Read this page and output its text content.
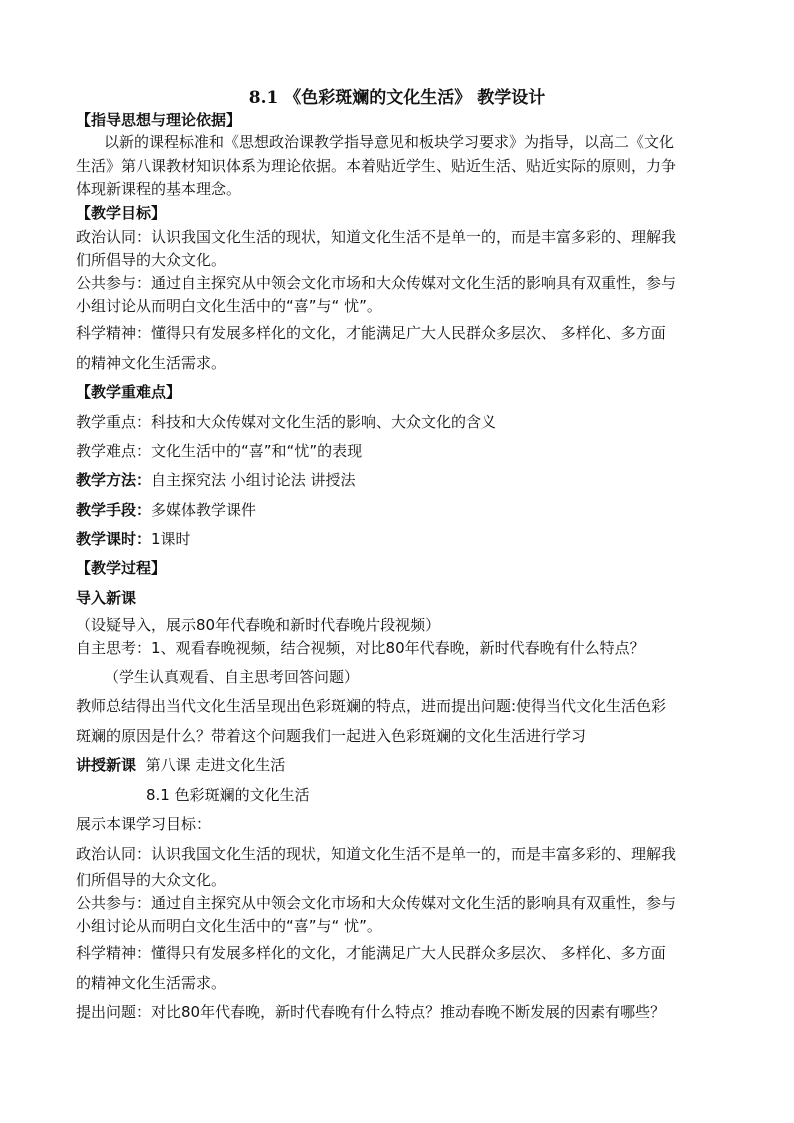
8.1 《色彩斑斓的文化生活》 教学设计
【指导思想与理论依据】
以新的课程标准和《思想政治课教学指导意见和板块学习要求》为指导，以高二《文化
生活》第八课教材知识体系为理论依据。本着贴近学生、贴近生活、贴近实际的原则，力争
体现新课程的基本理念。
【教学目标】
政治认同：认识我国文化生活的现状，知道文化生活不是单一的，而是丰富多彩的、理解我
们所倡导的大众文化。
公共参与：通过自主探究从中领会文化市场和大众传媒对文化生活的影响具有双重性，参与
小组讨论从而明白文化生活中的“喜”与“ 忧”。
科学精神：懂得只有发展多样化的文化，才能满足广大人民群众多层次、 多样化、多方面
的精神文化生活需求。
【教学重难点】
教学重点：科技和大众传媒对文化生活的影响、大众文化的含义
教学难点：文化生活中的“喜”和“忧”的表现
教学方法：自主探究法 小组讨论法 讲授法
教学手段：多媒体教学课件
教学课时：1课时
【教学过程】
导入新课
（设疑导入，展示80年代春晚和新时代春晚片段视频）
自主思考：1、观看春晚视频，结合视频，对比80年代春晚，新时代春晚有什么特点？
（学生认真观看、自主思考回答问题）
教师总结得出当代文化生活呈现出色彩斑斓的特点，进而提出问题:使得当代文化生活色彩
斑斓的原因是什么？带着这个问题我们一起进入色彩斑斓的文化生活进行学习
讲授新课 第八课 走进文化生活
8.1 色彩斑斓的文化生活
展示本课学习目标：
政治认同：认识我国文化生活的现状，知道文化生活不是单一的，而是丰富多彩的、理解我
们所倡导的大众文化。
公共参与：通过自主探究从中领会文化市场和大众传媒对文化生活的影响具有双重性，参与
小组讨论从而明白文化生活中的“喜”与“ 忧”。
科学精神：懂得只有发展多样化的文化，才能满足广大人民群众多层次、 多样化、多方面
的精神文化生活需求。
提出问题：对比80年代春晚，新时代春晚有什么特点？推动春晚不断发展的因素有哪些？
